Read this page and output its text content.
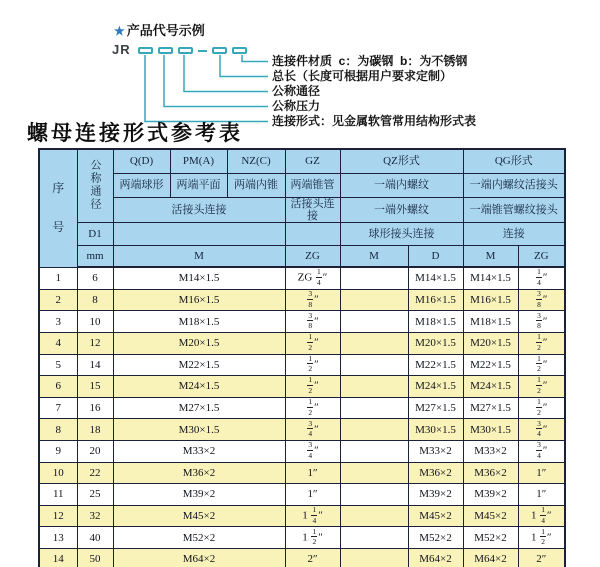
★ 产品代号示例
JR
连接件材质  c：为碳钢  b：为不锈钢
总长（长度可根据用户要求定制）
公称通径
公称压力
连接形式：见金属软管常用结构形式表
螺母连接形式参考表
序
号	公称通径	Q(D)	PM(A)	NZ(C)	GZ	QZ形式		QG形式	
		两端球形	两端平面	两端内锥	两端锥管	一端内螺纹		一端内螺纹活接头	
		活接头连接			活接头连接	一端外螺纹		一端锥管螺纹接头	
	D1					球形接头连接		连接	
	mm	M			ZG	M	D	M	ZG
1	6	M14×1.5			ZG $\frac{1}{4}$ ″		M14×1.5	M14×1.5	$\frac{1}{4}$ ″
2	8	M16×1.5			$\frac{3}{8}$ ″		M16×1.5	M16×1.5	$\frac{3}{8}$ ″
3	10	M18×1.5			$\frac{3}{8}$ ″		M18×1.5	M18×1.5	$\frac{3}{8}$ ″
4	12	M20×1.5			$\frac{1}{2}$ ″		M20×1.5	M20×1.5	$\frac{1}{2}$ ″
5	14	M22×1.5			$\frac{1}{2}$ ″		M22×1.5	M22×1.5	$\frac{1}{2}$ ″
6	15	M24×1.5			$\frac{1}{2}$ ″		M24×1.5	M24×1.5	$\frac{1}{2}$ ″
7	16	M27×1.5			$\frac{1}{2}$ ″		M27×1.5	M27×1.5	$\frac{1}{2}$ ″
8	18	M30×1.5			$\frac{3}{4}$ ″		M30×1.5	M30×1.5	$\frac{3}{4}$ ″
9	20	M33×2			$\frac{3}{4}$ ″		M33×2	M33×2	$\frac{3}{4}$ ″
10	22	M36×2			1″		M36×2	M36×2	1″
11	25	M39×2			1″		M39×2	M39×2	1″
12	32	M45×2			$1 \frac{1}{4}$ ″		M45×2	M45×2	$1 \frac{1}{4}$ ″
13	40	M52×2			$1 \frac{1}{2}$ ″		M52×2	M52×2	$1 \frac{1}{2}$ ″
14	50	M64×2			2″		M64×2	M64×2	2″
